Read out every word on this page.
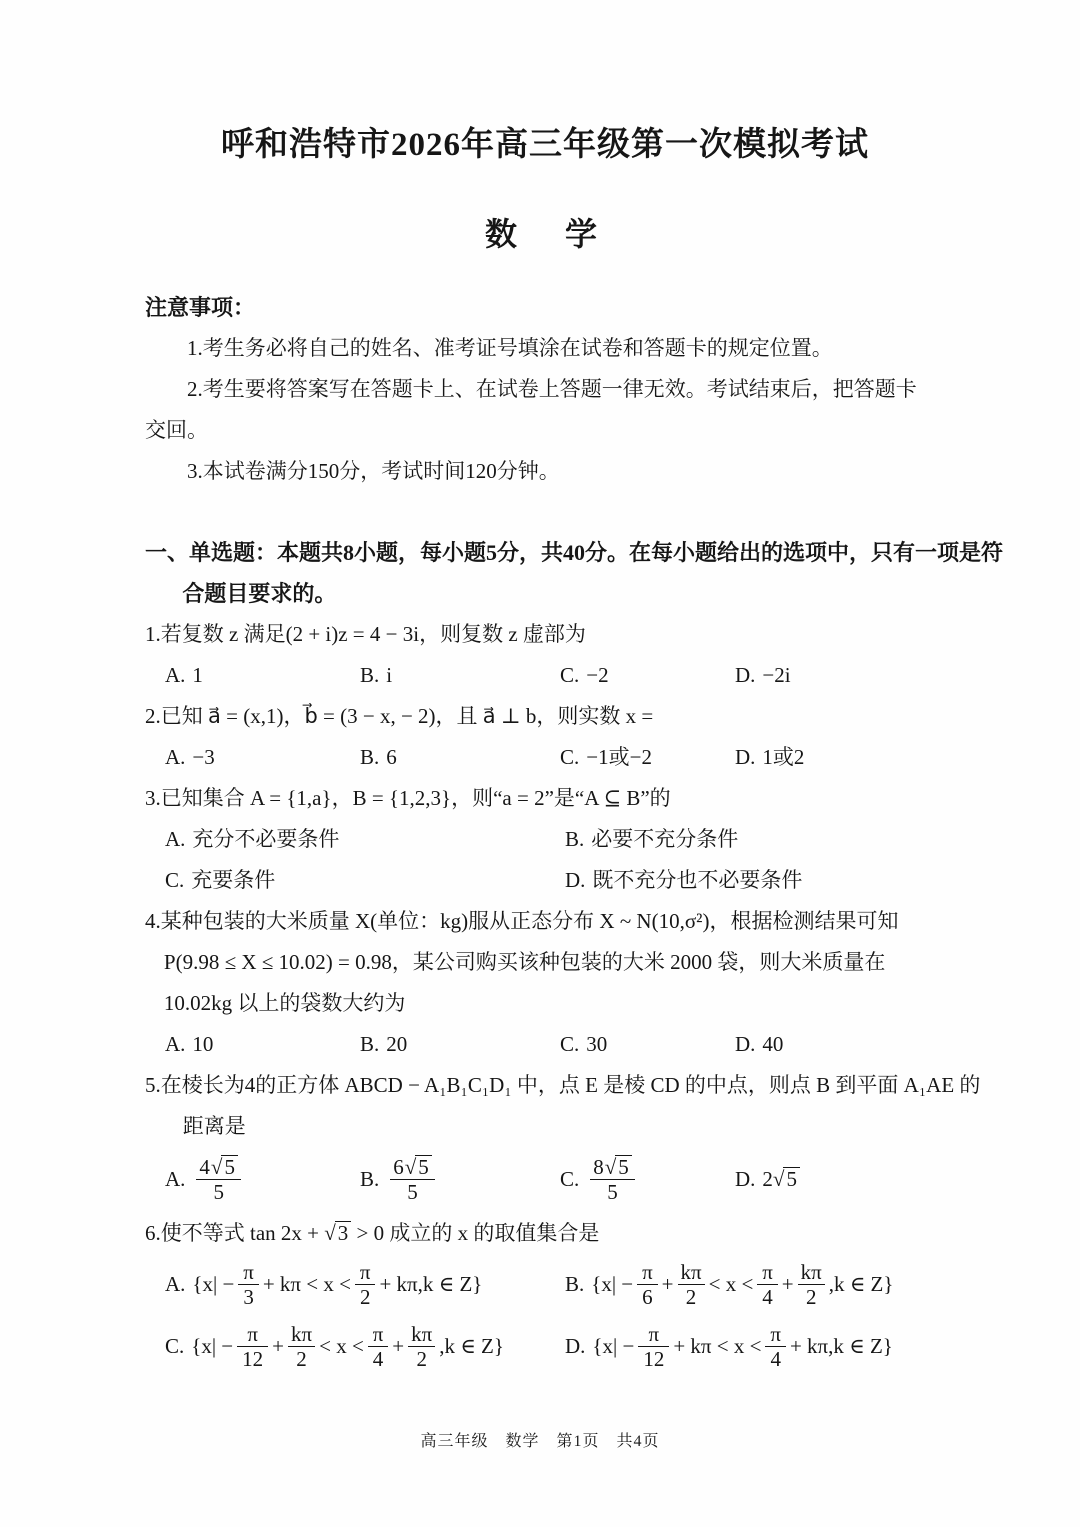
呼和浩特市2026年高三年级第一次模拟考试
数　学
注意事项：
1.考生务必将自己的姓名、准考证号填涂在试卷和答题卡的规定位置。
2.考生要将答案写在答题卡上、在试卷上答题一律无效。考试结束后，把答题卡
交回。
3.本试卷满分150分，考试时间120分钟。
一、单选题：本题共8小题，每小题5分，共40分。在每小题给出的选项中，只有一项是符
合题目要求的。
1.若复数 z 满足(2 + i)z = 4 − 3i，则复数 z 虚部为
A. 1	B. i	C. −2	D. −2i
2.已知 a⃗ = (x,1)，b⃗ = (3 − x, − 2)，且 a⃗ ⊥ b，则实数 x =
A. −3	B. 6	C. −1或−2	D. 1或2
3.已知集合 A = {1,a}，B = {1,2,3}，则“a = 2”是“A ⊆ B”的
A. 充分不必要条件	B. 必要不充分条件
C. 充要条件	D. 既不充分也不必要条件
4.某种包装的大米质量 X(单位：kg)服从正态分布 X ~ N(10,σ²)，根据检测结果可知
P(9.98 ≤ X ≤ 10.02) = 0.98，某公司购买该种包装的大米 2000 袋，则大米质量在
10.02kg 以上的袋数大约为
A. 10	B. 20	C. 30	D. 40
5.在棱长为4的正方体 ABCD − A₁B₁C₁D₁ 中，点 E 是棱 CD 的中点，则点 B 到平面 A₁AE 的
距离是
A. $\frac{4 √ 5}{5}$	B. $\frac{6 √ 5}{5}$	C. $\frac{8 √ 5}{5}$	D. 2 √ 5
6.使不等式 tan 2x + √ 3 > 0 成立的 x 的取值集合是
A. {$x| - \frac{\pi}{3} + k\pi < x < \frac{\pi}{2} + k\pi,k$ ∈ Z}	B. {$x| - \frac{\pi}{6} + \frac{k\pi}{2} < x < \frac{\pi}{4} + \frac{k\pi}{2} ,k$ ∈ Z}
C. {$x| - \frac{\pi}{12} + \frac{k\pi}{2} < x < \frac{\pi}{4} + \frac{k\pi}{2} ,k$ ∈ Z}	D. {$x| - \frac{\pi}{12} + k\pi < x < \frac{\pi}{4} + k\pi,k$ ∈ Z}
高三年级　数学　第1页　共4页
